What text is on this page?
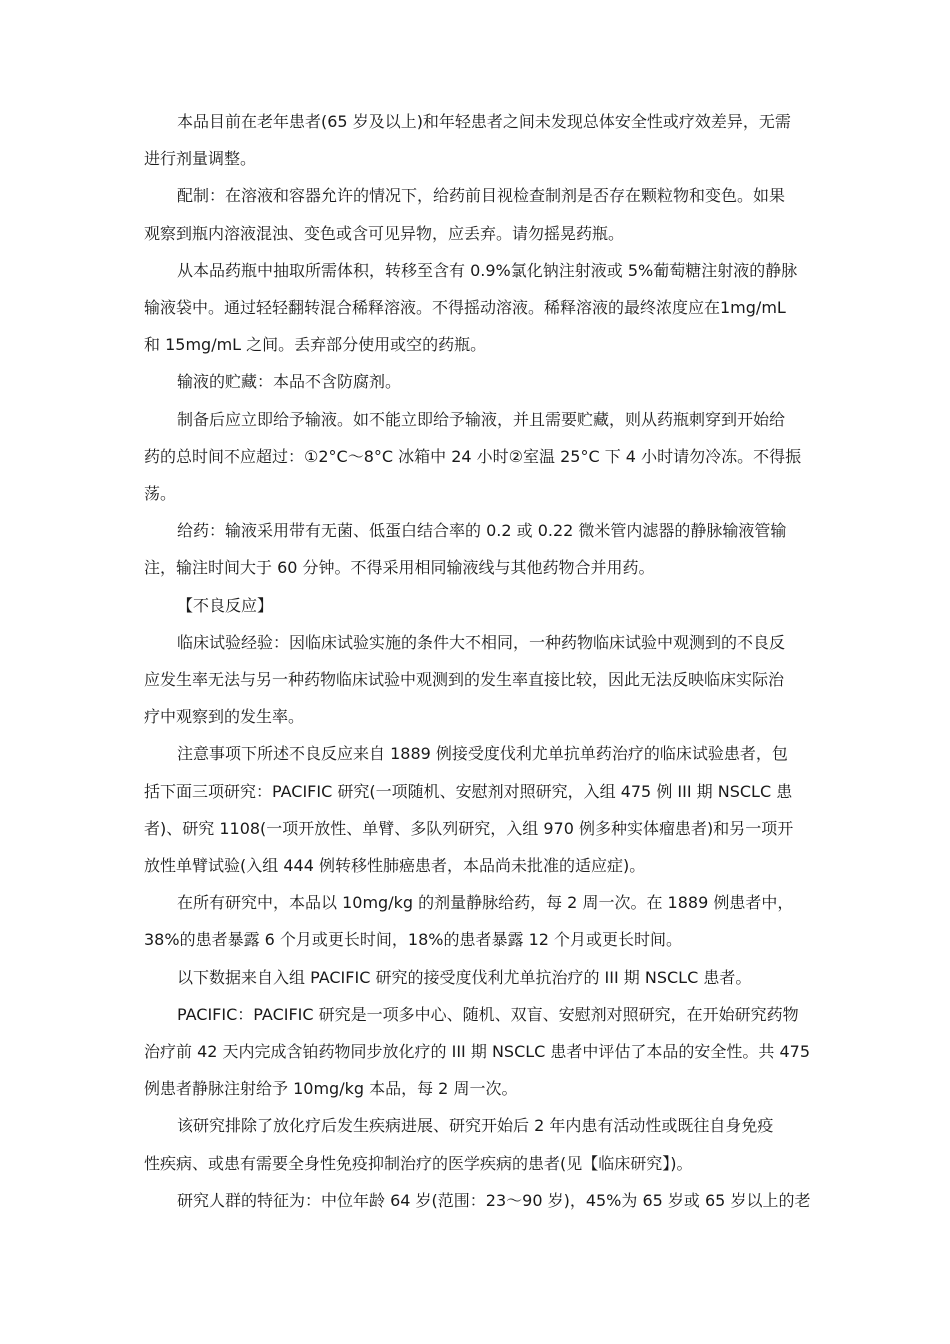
本品目前在老年患者(65 岁及以上)和年轻患者之间未发现总体安全性或疗效差异，无需
进行剂量调整。

配制：在溶液和容器允许的情况下，给药前目视检查制剂是否存在颗粒物和变色。如果
观察到瓶内溶液混浊、变色或含可见异物，应丢弃。请勿摇晃药瓶。

从本品药瓶中抽取所需体积，转移至含有 0.9%氯化钠注射液或 5%葡萄糖注射液的静脉
输液袋中。通过轻轻翻转混合稀释溶液。不得摇动溶液。稀释溶液的最终浓度应在1mg/mL
和 15mg/mL 之间。丢弃部分使用或空的药瓶。

输液的贮藏：本品不含防腐剂。

制备后应立即给予输液。如不能立即给予输液，并且需要贮藏，则从药瓶刺穿到开始给
药的总时间不应超过：①2°C～8°C 冰箱中 24 小时②室温 25°C 下 4 小时请勿冷冻。不得振
荡。

给药：输液采用带有无菌、低蛋白结合率的 0.2 或 0.22 微米管内滤器的静脉输液管输
注，输注时间大于 60 分钟。不得采用相同输液线与其他药物合并用药。

【不良反应】

临床试验经验：因临床试验实施的条件大不相同，一种药物临床试验中观测到的不良反
应发生率无法与另一种药物临床试验中观测到的发生率直接比较，因此无法反映临床实际治
疗中观察到的发生率。

注意事项下所述不良反应来自 1889 例接受度伐利尤单抗单药治疗的临床试验患者，包
括下面三项研究：PACIFIC 研究(一项随机、安慰剂对照研究，入组 475 例 III 期 NSCLC 患
者)、研究 1108(一项开放性、单臂、多队列研究，入组 970 例多种实体瘤患者)和另一项开
放性单臂试验(入组 444 例转移性肺癌患者，本品尚未批准的适应症)。

在所有研究中，本品以 10mg/kg 的剂量静脉给药，每 2 周一次。在 1889 例患者中，
38%的患者暴露 6 个月或更长时间，18%的患者暴露 12 个月或更长时间。

以下数据来自入组 PACIFIC 研究的接受度伐利尤单抗治疗的 III 期 NSCLC 患者。

PACIFIC：PACIFIC 研究是一项多中心、随机、双盲、安慰剂对照研究，在开始研究药物
治疗前 42 天内完成含铂药物同步放化疗的 III 期 NSCLC 患者中评估了本品的安全性。共 475
例患者静脉注射给予 10mg/kg 本品，每 2 周一次。

该研究排除了放化疗后发生疾病进展、研究开始后 2 年内患有活动性或既往自身免疫
性疾病、或患有需要全身性免疫抑制治疗的医学疾病的患者(见【临床研究】)。

研究人群的特征为：中位年龄 64 岁(范围：23～90 岁)，45%为 65 岁或 65 岁以上的老
